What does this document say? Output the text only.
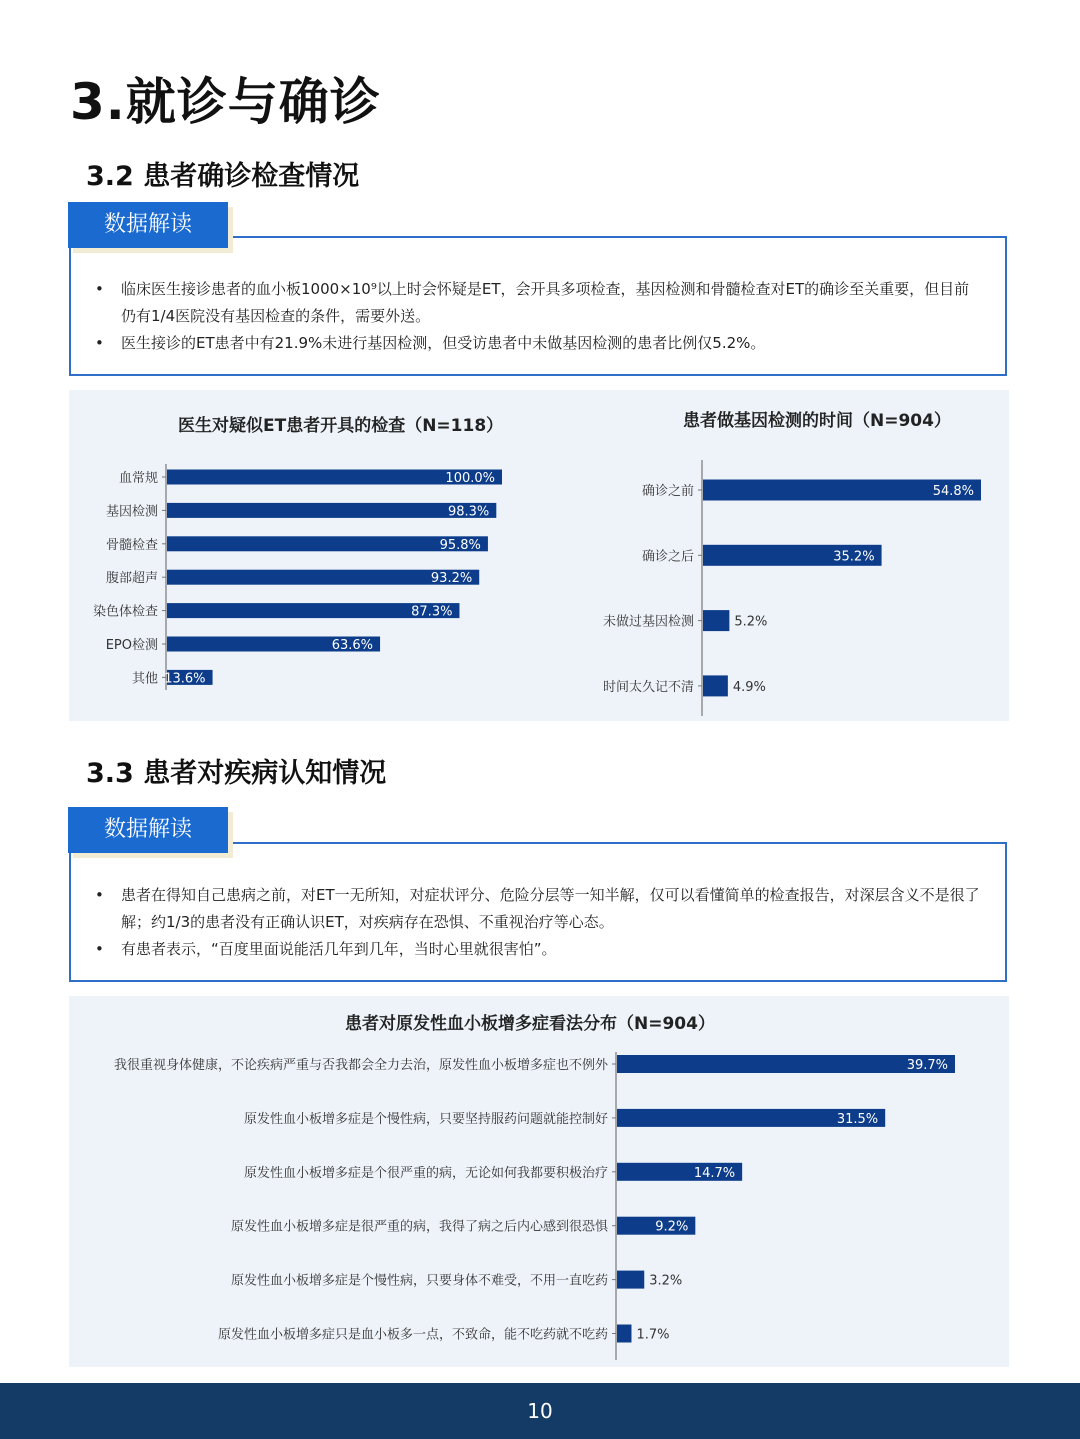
3.就诊与确诊
3.2 患者确诊检查情况
数据解读
• 临床医生接诊患者的血小板1000×10⁹以上时会怀疑是ET，会开具多项检查，基因检测和骨髓检查对ET的确诊至关重要，但目前仍有1/4医院没有基因检查的条件，需要外送。
• 医生接诊的ET患者中有21.9%未进行基因检测，但受访患者中未做基因检测的患者比例仅5.2%。
医生对疑似ET患者开具的检查（N=118）	患者做基因检测的时间（N=904）
血常规	100.0%
基因检测	98.3%
骨髓检查	95.8%
腹部超声	93.2%
染色体检查	87.3%
EPO检测	63.6%
其他 13.6%
确诊之前	54.8%
确诊之后	35.2%
未做过基因检测	5.2%
时间太久记不清	4.9%
3.3 患者对疾病认知情况
数据解读
• 患者在得知自己患病之前，对ET一无所知，对症状评分、危险分层等一知半解，仅可以看懂简单的检查报告，对深层含义不是很了解；约1/3的患者没有正确认识ET，对疾病存在恐惧、不重视治疗等心态。
• 有患者表示，“百度里面说能活几年到几年，当时心里就很害怕”。
患者对原发性血小板增多症看法分布（N=904）
我很重视身体健康，不论疾病严重与否我都会全力去治，原发性血小板增多症也不例外	39.7%
原发性血小板增多症是个慢性病，只要坚持服药问题就能控制好	31.5%
原发性血小板增多症是个很严重的病，无论如何我都要积极治疗	14.7%
原发性血小板增多症是很严重的病，我得了病之后内心感到很恐惧	9.2%
原发性血小板增多症是个慢性病，只要身体不难受，不用一直吃药	3.2%
原发性血小板增多症只是血小板多一点，不致命，能不吃药就不吃药 1.7%
10
